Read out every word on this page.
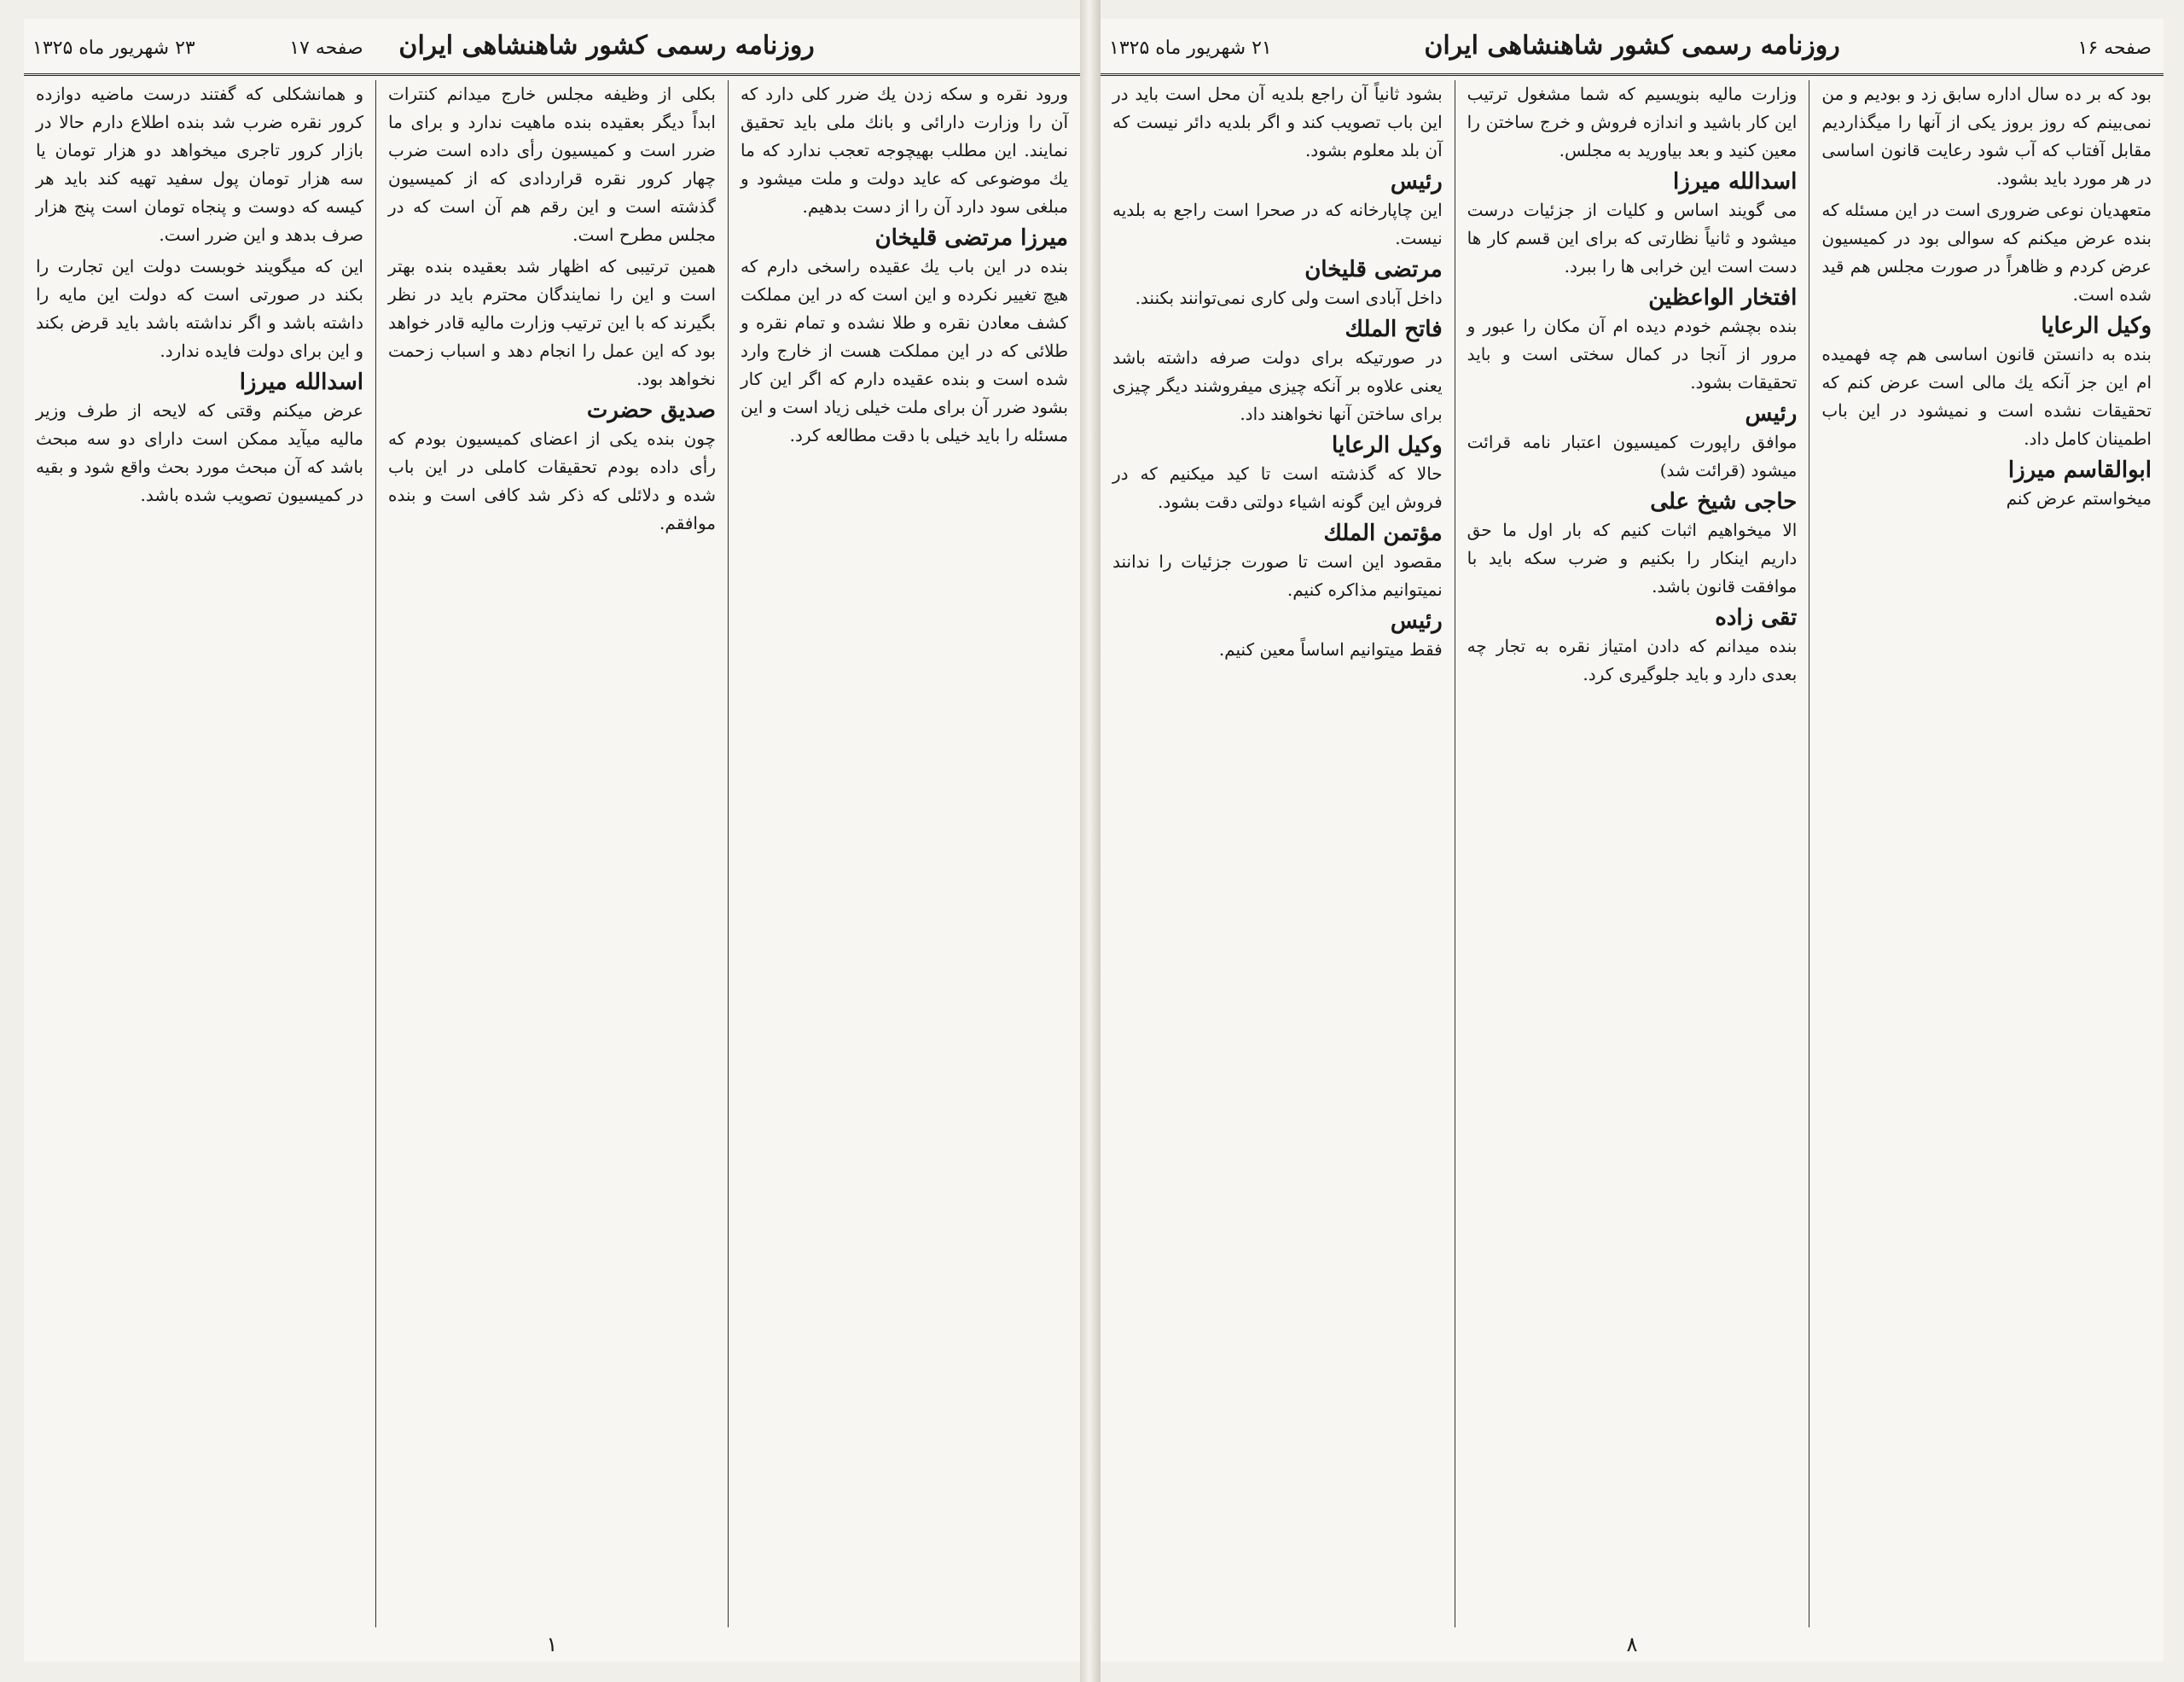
۲۳ شهریور ماه ۱۳۲۵	روزنامه رسمی کشور شاهنشاهی ایران    صفحه ۱۷
ورود نقره و سکه زدن یك ضرر كلی دارد كه آن را وزارت دارائی و بانك ملی باید تحقیق نمایند. این مطلب بهیچوجه تعجب ندارد که ما یك موضوعی که عاید دولت و ملت میشود و مبلغی سود دارد آن را از دست بدهیم.
میرزا مرتضی قلیخان
بنده در این باب یك عقیده راسخی دارم که هیچ تغییر نکرده و این است که در این مملکت کشف معادن نقره و طلا نشده و تمام نقره و طلائی که در این مملکت هست از خارج وارد شده است و بنده عقیده دارم که اگر این کار بشود ضرر آن برای ملت خیلی زیاد است و این مسئله را باید خیلی با دقت مطالعه کرد.
بکلی از وظیفه مجلس خارج میدانم کنترات ابداً دیگر بعقیده بنده ماهیت ندارد و برای ما ضرر است و کمیسیون رأی داده است ضرب چهار کرور نقره قراردادی که از کمیسیون گذشته است و این رقم هم آن است که در مجلس مطرح است.
همین ترتیبی که اظهار شد بعقیده بنده بهتر است و این را نمایندگان محترم باید در نظر بگیرند که با این ترتیب وزارت مالیه قادر خواهد بود که این عمل را انجام دهد و اسباب زحمت نخواهد بود.
صدیق حضرت
چون بنده یکی از اعضای کمیسیون بودم که رأی داده بودم تحقیقات کاملی در این باب شده و دلائلی که ذکر شد کافی است و بنده موافقم.
و همانشکلی که گفتند درست ماضیه دوازده کرور نقره ضرب شد بنده اطلاع دارم حالا در بازار کرور تاجری میخواهد دو هزار تومان یا سه هزار تومان پول سفید تهیه کند باید هر کیسه که دوست و پنجاه تومان است پنج هزار صرف بدهد و این ضرر است.
این که میگویند خوبست دولت این تجارت را بکند در صورتی است که دولت این مایه را داشته باشد و اگر نداشته باشد باید قرض بکند و این برای دولت فایده ندارد.
اسدالله میرزا
عرض میکنم وقتی که لایحه از طرف وزیر مالیه میآید ممکن است دارای دو سه مبحث باشد که آن مبحث مورد بحث واقع شود و بقیه در کمیسیون تصویب شده باشد.
۱
۲۱ شهریور ماه ۱۳۲۵	روزنامه رسمی کشور شاهنشاهی ایران	صفحه ۱۶
بود که بر ده ‌سال اداره سابق زد و بودیم و من نمی‌بینم كه روز بروز یکی از آنها را میگذاردیم مقابل آفتاب که آب شود رعایت قانون اساسی در هر مورد باید بشود.
متعهدیان نوعی ضروری است در این مسئله که بنده عرض میکنم که سوالی بود در کمیسیون عرض کردم و ظاهراً در صورت مجلس هم قید شده است.
وکیل الرعایا
بنده به دانستن قانون اساسی هم چه فهمیده ام این جز آنکه یك مالی است عرض کنم که تحقیقات نشده است و نمیشود در این باب اطمینان کامل داد.
ابوالقاسم میرزا
میخواستم عرض کنم
وزارت مالیه بنویسیم که شما مشغول ترتیب این کار باشید و اندازه فروش و خرج ساختن را معین کنید و بعد بیاورید به مجلس.
اسدالله میرزا
می گویند اساس و کلیات از جزئیات درست میشود و ثانیاً نظارتی که برای این قسم کار ها دست است این خرابی ها را ببرد.
افتخار الواعظین
بنده بچشم خودم دیده ام آن مکان را عبور و مرور از آنجا در کمال سختی است و باید تحقیقات بشود.
رئیس
موافق راپورت کمیسیون اعتبار نامه قرائت میشود (قرائت شد)
حاجی شیخ علی
الا میخواهیم اثبات کنیم که بار اول ما حق داریم اینکار را بکنیم و ضرب سکه باید با موافقت قانون باشد.
تقی زاده
بنده میدانم که دادن امتیاز نقره به تجار چه بعدی دارد و باید جلوگیری کرد.
بشود ثانیاً آن راجع بلدیه آن محل است باید در این باب تصویب کند و اگر بلدیه دائر نیست که آن بلد معلوم بشود.
رئیس
این چاپارخانه که در صحرا است راجع به بلدیه نیست.
مرتضی قلیخان
داخل آبادی است ولی کاری نمی‌توانند بکنند.
فاتح الملك
در صورتیکه برای دولت صرفه داشته باشد یعنی علاوه بر آنکه چیزی میفروشند دیگر چیزی برای ساختن آنها نخواهند داد.
وکیل الرعایا
حالا که گذشته است تا کید میکنیم که در فروش این گونه اشیاء دولتی دقت بشود.
مؤتمن الملك
مقصود این است تا صورت جزئیات را ندانند نمیتوانیم مذاکره کنیم.
رئیس
فقط میتوانیم اساساً معین کنیم.
۸
